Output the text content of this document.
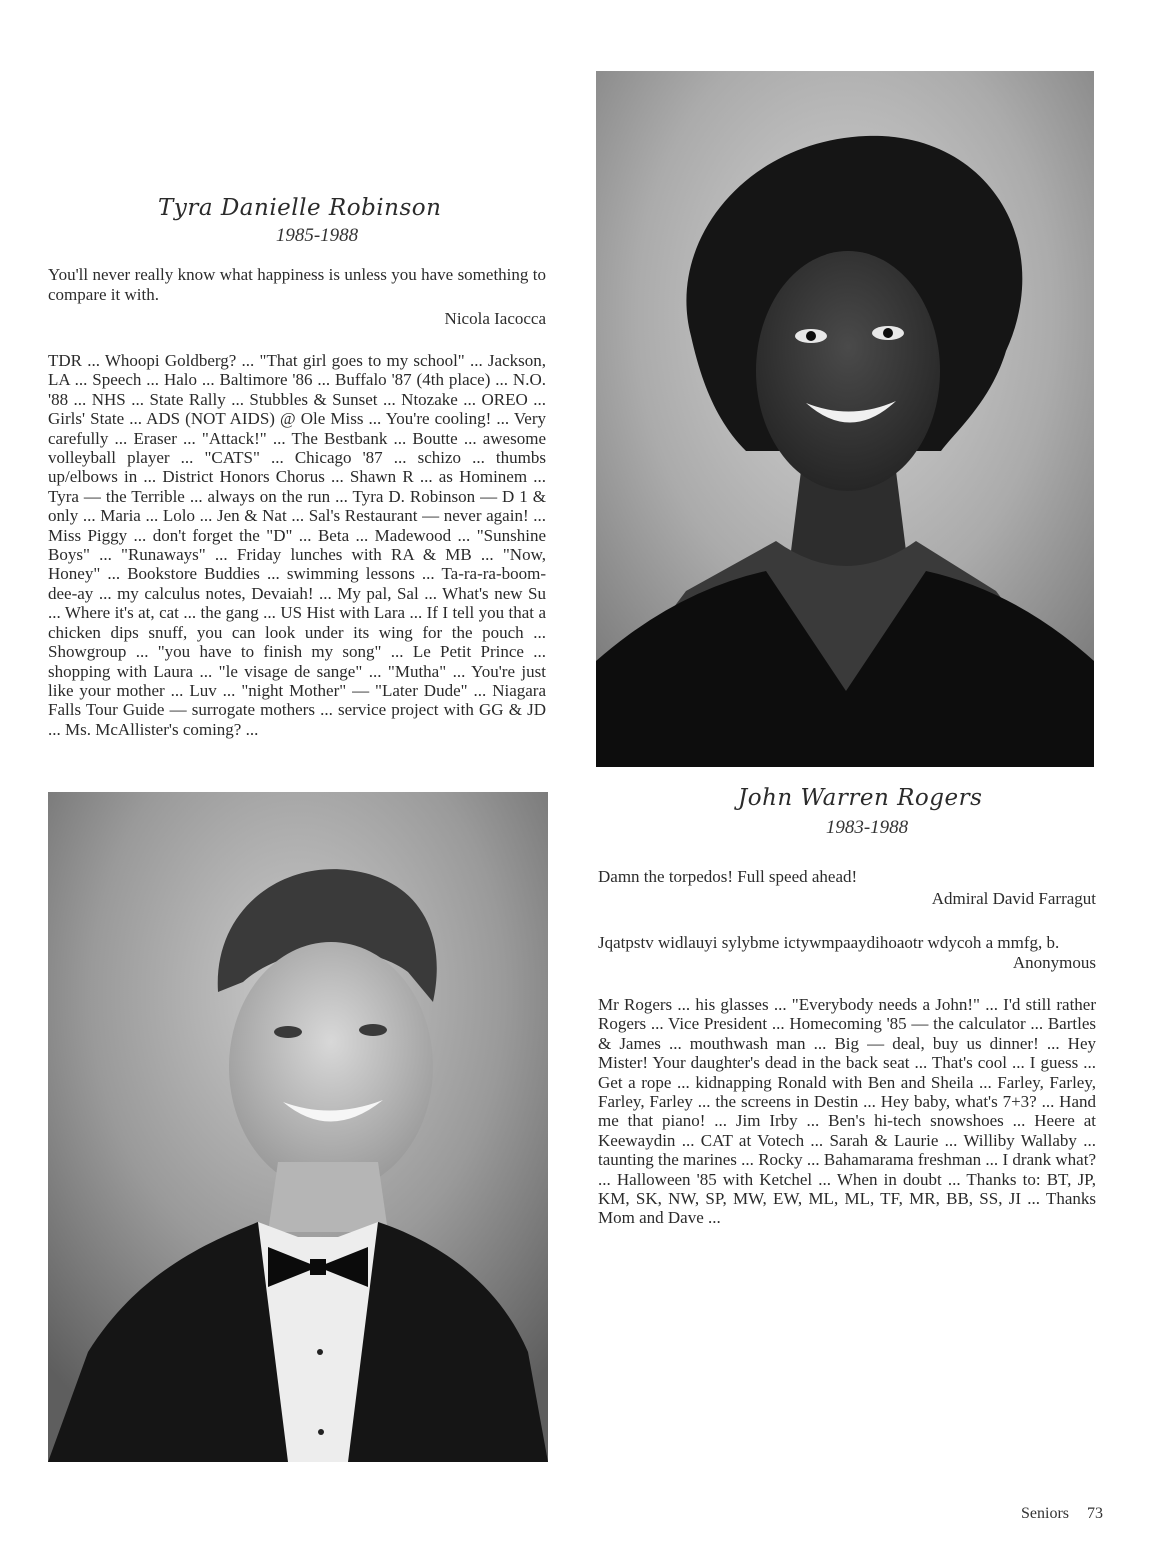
Tyra Danielle Robinson
1985-1988
You'll never really know what happiness is unless you have something to compare it with.
Nicola Iacocca
TDR ... Whoopi Goldberg? ... "That girl goes to my school" ... Jackson, LA ... Speech ... Halo ... Baltimore '86 ... Buffalo '87 (4th place) ... N.O. '88 ... NHS ... State Rally ... Stubbles & Sunset ... Ntozake ... OREO ... Girls' State ... ADS (NOT AIDS) @ Ole Miss ... You're cooling! ... Very carefully ... Eraser ... "Attack!" ... The Bestbank ... Boutte ... awesome volleyball player ... "CATS" ... Chicago '87 ... schizo ... thumbs up/elbows in ... District Honors Chorus ... Shawn R ... as Hominem ... Tyra — the Terrible ... always on the run ... Tyra D. Robinson — D 1 & only ... Maria ... Lolo ... Jen & Nat ... Sal's Restaurant — never again! ... Miss Piggy ... don't forget the "D" ... Beta ... Madewood ... "Sunshine Boys" ... "Runaways" ... Friday lunches with RA & MB ... "Now, Honey" ... Bookstore Buddies ... swimming lessons ... Ta-ra-ra-boom-dee-ay ... my calculus notes, Devaiah! ... My pal, Sal ... What's new Su ... Where it's at, cat ... the gang ... US Hist with Lara ... If I tell you that a chicken dips snuff, you can look under its wing for the pouch ... Showgroup ... "you have to finish my song" ... Le Petit Prince ... shopping with Laura ... "le visage de sange" ... "Mutha" ... You're just like your mother ... Luv ... "night Mother" — "Later Dude" ... Niagara Falls Tour Guide — surrogate mothers ... service project with GG & JD ... Ms. McAllister's coming? ...
John Warren Rogers
1983-1988
Damn the torpedos! Full speed ahead!
Admiral David Farragut
Jqatpstv widlauyi sylybme ictywmpaaydihoaotr wdycoh a mmfg, b.
Anonymous
Mr Rogers ... his glasses ... "Everybody needs a John!" ... I'd still rather Rogers ... Vice President ... Homecoming '85 — the calculator ... Bartles & James ... mouthwash man ... Big — deal, buy us dinner! ... Hey Mister! Your daughter's dead in the back seat ... That's cool ... I guess ... Get a rope ... kidnapping Ronald with Ben and Sheila ... Farley, Farley, Farley, Farley ... the screens in Destin ... Hey baby, what's 7+3? ... Hand me that piano! ... Jim Irby ... Ben's hi-tech snowshoes ... Heere at Keewaydin ... CAT at Votech ... Sarah & Laurie ... Williby Wallaby ... taunting the marines ... Rocky ... Bahamarama freshman ... I drank what? ... Halloween '85 with Ketchel ... When in doubt ... Thanks to: BT, JP, KM, SK, NW, SP, MW, EW, ML, ML, TF, MR, BB, SS, JI ... Thanks Mom and Dave ...
Seniors 73
